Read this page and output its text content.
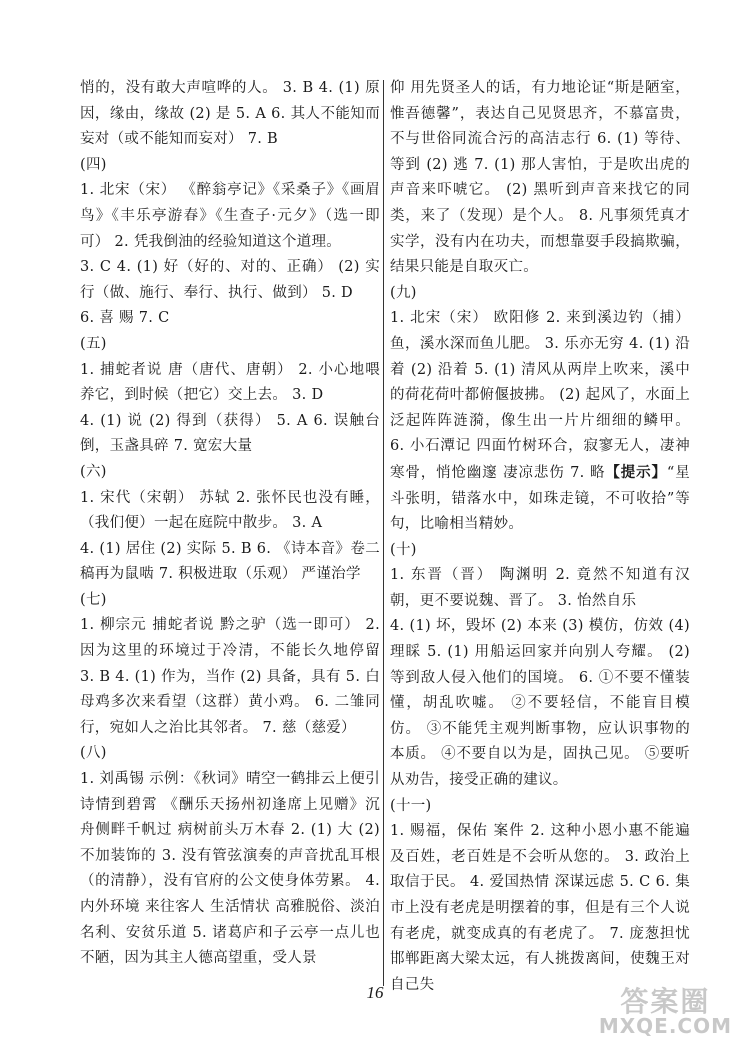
悄的，没有敢大声喧哗的人。 3. B 4. (1) 原因，缘由，缘故 (2) 是 5. A 6. 其人不能知而妄对（或不能知而妄对） 7. B

(四)

1. 北宋（宋） 《醉翁亭记》《采桑子》《画眉鸟》《丰乐亭游春》《生查子·元夕》（选一即可） 2. 凭我倒油的经验知道这个道理。

3. C 4. (1) 好（好的、对的、正确） (2) 实行（做、施行、奉行、执行、做到） 5. D

6. 喜 赐 7. C

(五)

1. 捕蛇者说 唐（唐代、唐朝） 2. 小心地喂养它，到时候（把它）交上去。 3. D

4. (1) 说 (2) 得到（获得） 5. A 6. 误触台倒，玉盏具碎 7. 宽宏大量

(六)

1. 宋代（宋朝） 苏轼 2. 张怀民也没有睡，（我们便）一起在庭院中散步。 3. A

4. (1) 居住 (2) 实际 5. B 6. 《诗本音》卷二稿再为鼠啮 7. 积极进取（乐观） 严谨治学

(七)

1. 柳宗元 捕蛇者说 黔之驴（选一即可） 2. 因为这里的环境过于冷清，不能长久地停留 3. B 4. (1) 作为，当作 (2) 具备，具有 5. 白母鸡多次来看望（这群）黄小鸡。 6. 二雏同行，宛如人之治比其邻者。 7. 慈（慈爱）

(八)

1. 刘禹锡 示例：《秋词》晴空一鹤排云上便引诗情到碧霄 《酬乐天扬州初逢席上见赠》沉舟侧畔千帆过 病树前头万木春 2. (1) 大 (2) 不加装饰的 3. 没有管弦演奏的声音扰乱耳根（的清静），没有官府的公文使身体劳累。 4. 内外环境 来往客人 生活情状 高雅脱俗、淡泊名利、安贫乐道 5. 诸葛庐和子云亭一点儿也不陋，因为其主人德高望重，受人景

仰 用先贤圣人的话，有力地论证“斯是陋室，惟吾德馨”，表达自己见贤思齐，不慕富贵，不与世俗同流合污的高洁志行 6. (1) 等待、等到 (2) 逃 7. (1) 那人害怕，于是吹出虎的声音来吓唬它。 (2) 黑听到声音来找它的同类，来了（发现）是个人。 8. 凡事须凭真才实学，没有内在功夫，而想靠耍手段搞欺骗，结果只能是自取灭亡。

(九)

1. 北宋（宋） 欧阳修 2. 来到溪边钓（捕）鱼，溪水深而鱼儿肥。 3. 乐亦无穷 4. (1) 沿着 (2) 沿着 5. (1) 清风从两岸上吹来，溪中的荷花荷叶都俯偃披拂。 (2) 起风了，水面上泛起阵阵涟漪，像生出一片片细细的鳞甲。 6. 小石潭记 四面竹树环合，寂寥无人，凄神寒骨，悄怆幽邃 凄凉悲伤 7. 略【提示】“星斗张明，错落水中，如珠走镜，不可收拾”等句，比喻相当精妙。

(十)

1. 东晋（晋） 陶渊明 2. 竟然不知道有汉朝，更不要说魏、晋了。 3. 怡然自乐

4. (1) 坏，毁坏 (2) 本来 (3) 模仿，仿效 (4) 理睬 5. (1) 用船运回家并向别人夸耀。 (2) 等到敌人侵入他们的国境。 6. ①不要不懂装懂，胡乱吹嘘。 ②不要轻信，不能盲目模仿。 ③不能凭主观判断事物，应认识事物的本质。 ④不要自以为是，固执己见。 ⑤要听从劝告，接受正确的建议。

(十一)

1. 赐福，保佑 案件 2. 这种小恩小惠不能遍及百姓，老百姓是不会听从您的。 3. 政治上取信于民。 4. 爱国热情 深谋远虑 5. C 6. 集市上没有老虎是明摆着的事，但是有三个人说有老虎，就变成真的有老虎了。 7. 庞葱担忧邯郸距离大梁太远，有人挑拨离间，使魏王对自己失

16	答案圈
MXQE.COM
